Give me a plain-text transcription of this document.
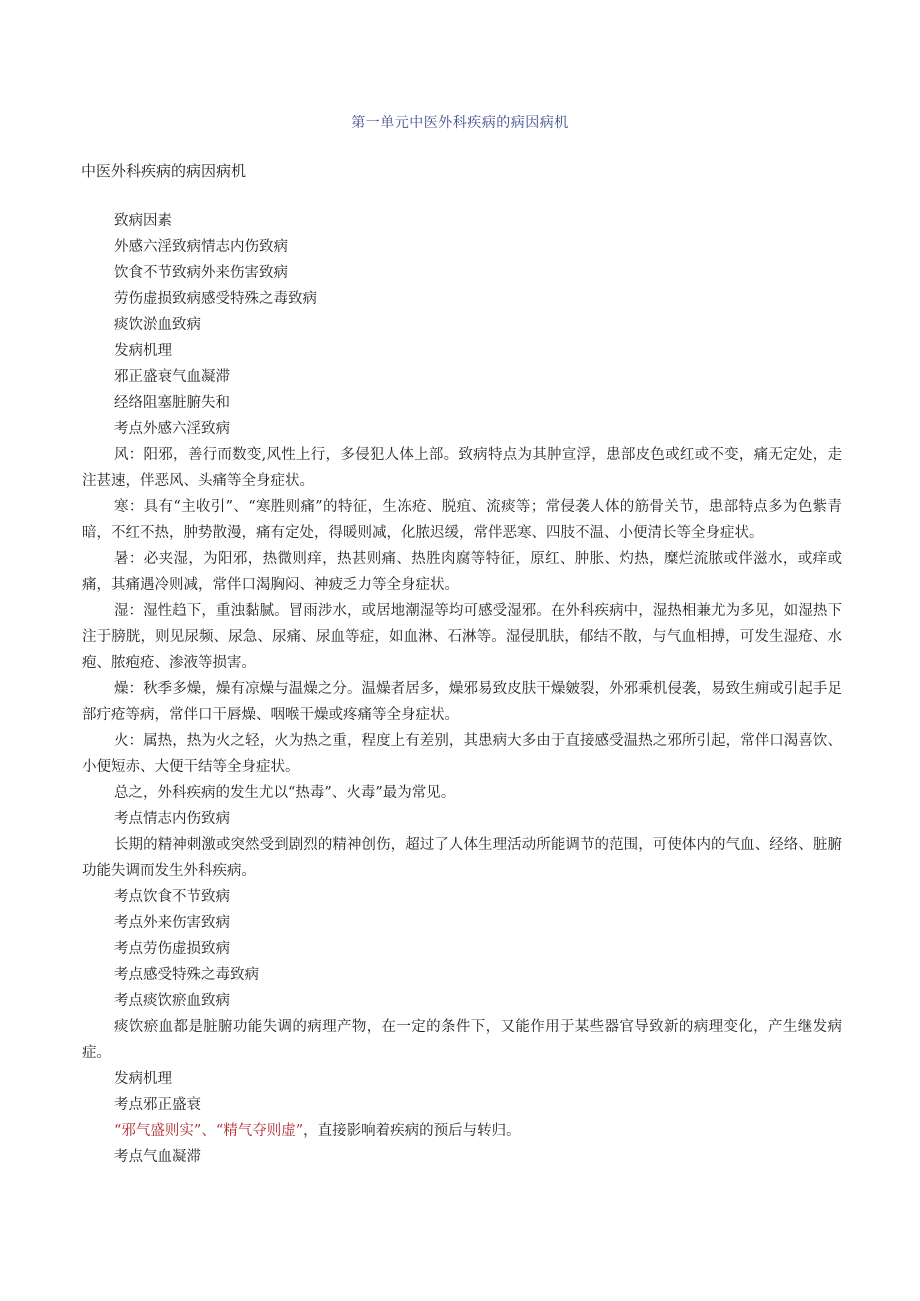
第一单元中医外科疾病的病因病机
中医外科疾病的病因病机
致病因素
外感六淫致病情志内伤致病
饮食不节致病外来伤害致病
劳伤虚损致病感受特殊之毒致病
痰饮淤血致病
发病机理
邪正盛衰气血凝滞
经络阻塞脏腑失和
考点外感六淫致病
风：阳邪，善行而数变,风性上行，多侵犯人体上部。致病特点为其肿宣浮，患部皮色或红或不变，痛无定处，走注甚速，伴恶风、头痛等全身症状。
寒：具有“主收引”、“寒胜则痛”的特征，生冻疮、脱疽、流痰等；常侵袭人体的筋骨关节，患部特点多为色紫青暗，不红不热，肿势散漫，痛有定处，得暖则减，化脓迟缓，常伴恶寒、四肢不温、小便清长等全身症状。
暑：必夹湿，为阳邪，热微则痒，热甚则痛、热胜肉腐等特征，原红、肿胀、灼热，糜烂流脓或伴滋水，或痒或痛，其痛遇冷则减，常伴口渴胸闷、神疲乏力等全身症状。
湿：湿性趋下，重浊黏腻。冒雨涉水，或居地潮湿等均可感受湿邪。在外科疾病中，湿热相兼尤为多见，如湿热下注于膀胱，则见尿频、尿急、尿痛、尿血等症，如血淋、石淋等。湿侵肌肤，郁结不散，与气血相搏，可发生湿疮、水疱、脓疱疮、渗液等损害。
燥：秋季多燥，燥有凉燥与温燥之分。温燥者居多，燥邪易致皮肤干燥皴裂，外邪乘机侵袭，易致生痈或引起手足部疔疮等病，常伴口干唇燥、咽喉干燥或疼痛等全身症状。
火：属热，热为火之轻，火为热之重，程度上有差别，其患病大多由于直接感受温热之邪所引起，常伴口渴喜饮、小便短赤、大便干结等全身症状。
总之，外科疾病的发生尤以“热毒”、火毒”最为常见。
考点情志内伤致病
长期的精神刺激或突然受到剧烈的精神创伤，超过了人体生理活动所能调节的范围，可使体内的气血、经络、脏腑功能失调而发生外科疾病。
考点饮食不节致病
考点外来伤害致病
考点劳伤虚损致病
考点感受特殊之毒致病
考点痰饮瘀血致病
痰饮瘀血都是脏腑功能失调的病理产物，在一定的条件下，又能作用于某些器官导致新的病理变化，产生继发病症。
发病机理
考点邪正盛衰
“邪气盛则实”、“精气夺则虚”，直接影响着疾病的预后与转归。
考点气血凝滞
